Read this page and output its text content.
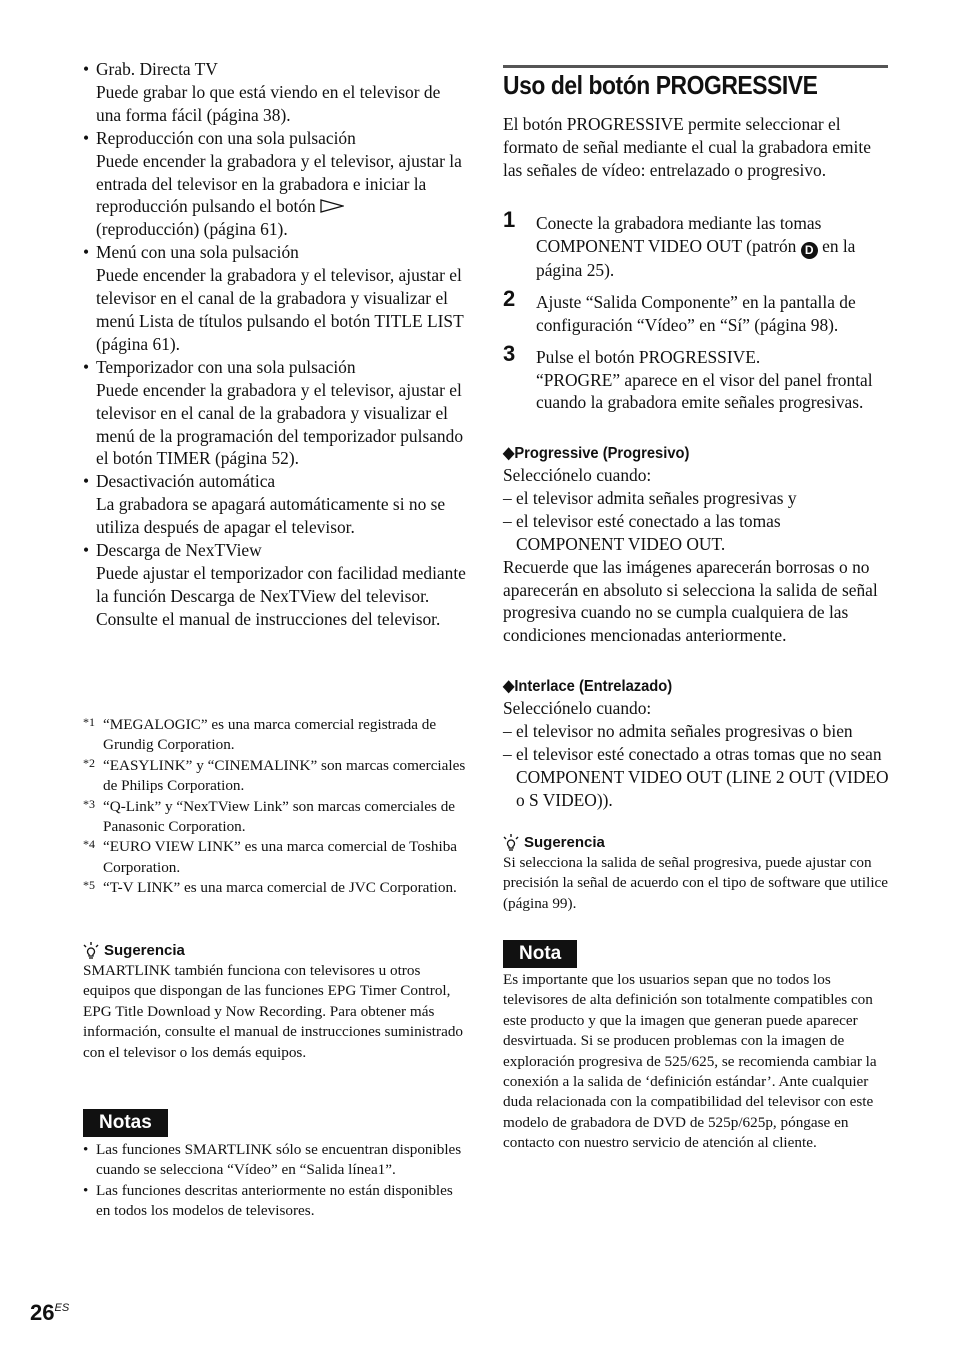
• Grab. Directa TV
Puede grabar lo que está viendo en el televisor de una forma fácil (página 38).
• Reproducción con una sola pulsación
Puede encender la grabadora y el televisor, ajustar la entrada del televisor en la grabadora e iniciar la reproducción pulsando el botón
(reproducción) (página 61).
• Menú con una sola pulsación
Puede encender la grabadora y el televisor, ajustar el televisor en el canal de la grabadora y visualizar el menú Lista de títulos pulsando el botón TITLE LIST (página 61).
• Temporizador con una sola pulsación
Puede encender la grabadora y el televisor, ajustar el televisor en el canal de la grabadora y visualizar el menú de la programación del temporizador pulsando el botón TIMER (página 52).
• Desactivación automática
La grabadora se apagará automáticamente si no se utiliza después de apagar el televisor.
• Descarga de NexTView
Puede ajustar el temporizador con facilidad mediante la función Descarga de NexTView del televisor.
Consulte el manual de instrucciones del televisor.
*1 “MEGALOGIC” es una marca comercial registrada de Grundig Corporation.
*2 “EASYLINK” y “CINEMALINK” son marcas comerciales de Philips Corporation.
*3 “Q-Link” y “NexTView Link” son marcas comerciales de Panasonic Corporation.
*4 “EURO VIEW LINK” es una marca comercial de Toshiba Corporation.
*5 “T-V LINK” es una marca comercial de JVC Corporation.
Sugerencia
SMARTLINK también funciona con televisores u otros equipos que dispongan de las funciones EPG Timer Control, EPG Title Download y Now Recording. Para obtener más información, consulte el manual de instrucciones suministrado con el televisor o los demás equipos.
Notas
• Las funciones SMARTLINK sólo se encuentran disponibles cuando se selecciona “Vídeo” en “Salida línea1”.
• Las funciones descritas anteriormente no están disponibles en todos los modelos de televisores.
Uso del botón PROGRESSIVE
El botón PROGRESSIVE permite seleccionar el formato de señal mediante el cual la grabadora emite las señales de vídeo: entrelazado o progresivo.
1 Conecte la grabadora mediante las tomas COMPONENT VIDEO OUT (patrón D en la página 25).
2 Ajuste “Salida Componente” en la pantalla de configuración “Vídeo” en “Sí” (página 98).
3 Pulse el botón PROGRESSIVE.
“PROGRE” aparece en el visor del panel frontal cuando la grabadora emite señales progresivas.
◆Progressive (Progresivo)
Selecciónelo cuando:
– el televisor admita señales progresivas y
– el televisor esté conectado a las tomas COMPONENT VIDEO OUT.
Recuerde que las imágenes aparecerán borrosas o no aparecerán en absoluto si selecciona la salida de señal progresiva cuando no se cumpla cualquiera de las condiciones mencionadas anteriormente.
◆Interlace (Entrelazado)
Selecciónelo cuando:
– el televisor no admita señales progresivas o bien
– el televisor esté conectado a otras tomas que no sean COMPONENT VIDEO OUT (LINE 2 OUT (VIDEO o S VIDEO)).
Sugerencia
Si selecciona la salida de señal progresiva, puede ajustar con precisión la señal de acuerdo con el tipo de software que utilice (página 99).
Nota
Es importante que los usuarios sepan que no todos los televisores de alta definición son totalmente compatibles con este producto y que la imagen que generan puede aparecer desvirtuada. Si se producen problemas con la imagen de exploración progresiva de 525/625, se recomienda cambiar la conexión a la salida de ‘definición estándar’. Ante cualquier duda relacionada con la compatibilidad del televisor con este modelo de grabadora de DVD de 525p/625p, póngase en contacto con nuestro servicio de atención al cliente.
$26^{ES}$
